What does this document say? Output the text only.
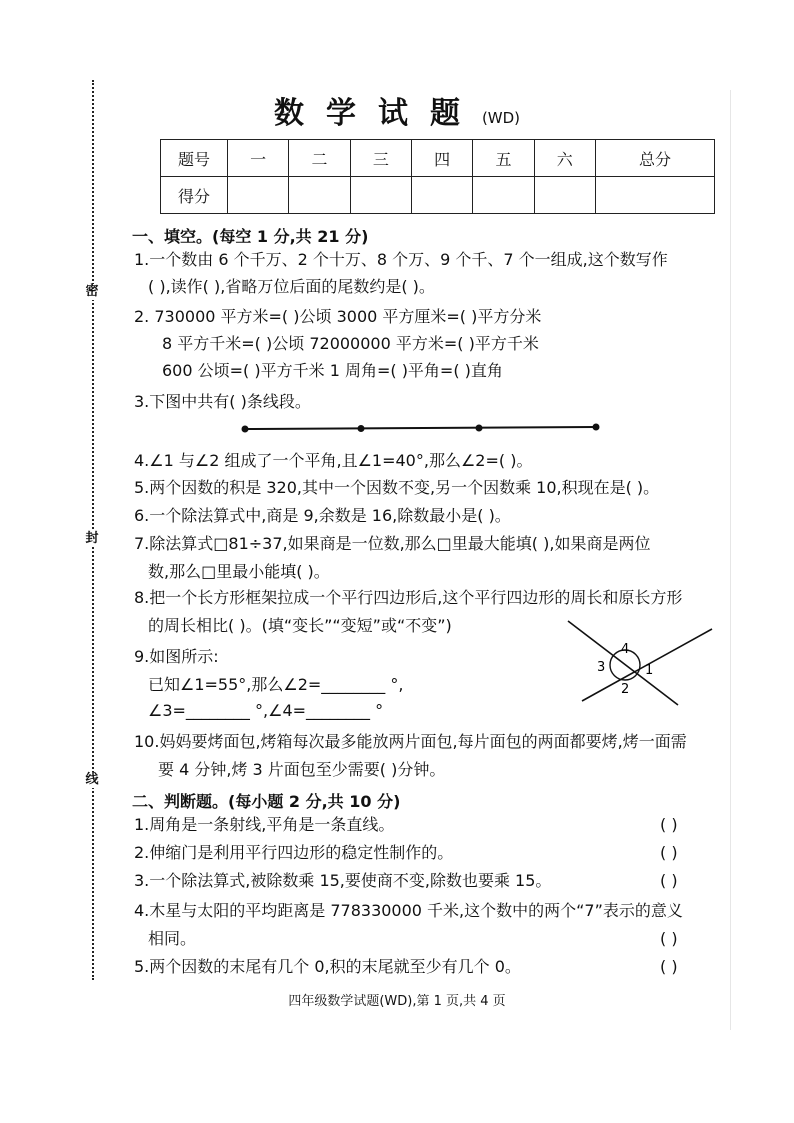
密
封
线
数学试题(WD)
题号	一	二	三	四	五	六	总分
得分							
一、填空。(每空 1 分,共 21 分)
1.一个数由 6 个千万、2 个十万、8 个万、9 个千、7 个一组成,这个数写作
( ),读作( ),省略万位后面的尾数约是( )。
2. 730000 平方米=( )公顷 3000 平方厘米=( )平方分米
8 平方千米=( )公顷 72000000 平方米=( )平方千米
600 公顷=( )平方千米 1 周角=( )平角=( )直角
3.下图中共有( )条线段。
4.∠1 与∠2 组成了一个平角,且∠1=40°,那么∠2=( )。
5.两个因数的积是 320,其中一个因数不变,另一个因数乘 10,积现在是( )。
6.一个除法算式中,商是 9,余数是 16,除数最小是( )。
7.除法算式□81÷37,如果商是一位数,那么□里最大能填( ),如果商是两位
数,那么□里最小能填( )。
8.把一个长方形框架拉成一个平行四边形后,这个平行四边形的周长和原长方形
的周长相比( )。(填“变长”“变短”或“不变”)
9.如图所示:
已知∠1=55°,那么∠2=________ °,
∠3=________ °,∠4=________ °
4
3	1
2
10.妈妈要烤面包,烤箱每次最多能放两片面包,每片面包的两面都要烤,烤一面需
要 4 分钟,烤 3 片面包至少需要( )分钟。
二、判断题。(每小题 2 分,共 10 分)
1.周角是一条射线,平角是一条直线。	( )
2.伸缩门是利用平行四边形的稳定性制作的。	( )
3.一个除法算式,被除数乘 15,要使商不变,除数也要乘 15。	( )
4.木星与太阳的平均距离是 778330000 千米,这个数中的两个“7”表示的意义
相同。	( )
5.两个因数的末尾有几个 0,积的末尾就至少有几个 0。	( )
四年级数学试题(WD),第 1 页,共 4 页
